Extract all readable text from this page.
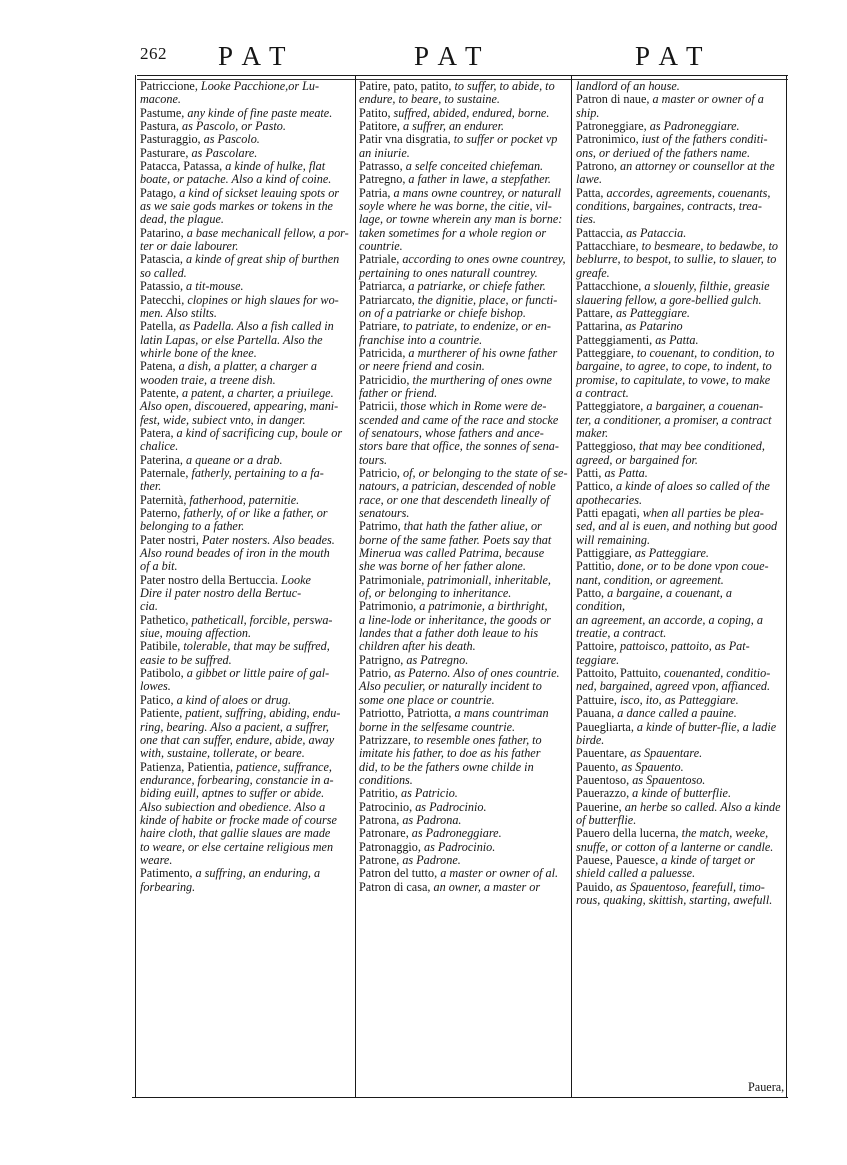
262 PAT	PAT	PAT

Patriccione, Looke Pacchione,or Lu-

macone.

Pastume, any kinde of fine paste meate.

Pastura, as Pascolo, or Pasto.

Pasturaggio, as Pascolo.

Pasturare, as Pascolare.

Patacca, Patassa, a kinde of hulke, flat

boate, or patache. Also a kind of coine.

Patago, a kind of sickset leauing spots or

as we saie gods markes or tokens in the

dead, the plague.

Patarino, a base mechanicall fellow, a por-

ter or daie labourer.

Patascia, a kinde of great ship of burthen

so called.

Patassio, a tit-mouse.

Patecchi, clopines or high slaues for wo-

men. Also stilts.

Patella, as Padella. Also a fish called in

latin Lapas, or else Partella. Also the

whirle bone of the knee.

Patena, a dish, a platter, a charger a

wooden traie, a treene dish.

Patente, a patent, a charter, a priuilege.

Also open, discouered, appearing, mani-

fest, wide, subiect vnto, in danger.

Patera, a kind of sacrificing cup, boule or

chalice.

Paterina, a queane or a drab.

Paternale, fatherly, pertaining to a fa-

ther.

Paternità, fatherhood, paternitie.

Paterno, fatherly, of or like a father, or

belonging to a father.

Pater nostri, Pater nosters. Also beades.

Also round beades of iron in the mouth

of a bit.

Pater nostro della Bertuccia. Looke

Dire il pater nostro della Bertuc-

cia.

Pathetico, patheticall, forcible, perswa-

siue, mouing affection.

Patibile, tolerable, that may be suffred,

easie to be suffred.

Patibolo, a gibbet or little paire of gal-

lowes.

Patico, a kind of aloes or drug.

Patiente, patient, suffring, abiding, endu-

ring, bearing. Also a pacient, a suffrer,

one that can suffer, endure, abide, away

with, sustaine, tollerate, or beare.

Patienza, Patientia, patience, suffrance,

endurance, forbearing, constancie in a-

biding euill, aptnes to suffer or abide.

Also subiection and obedience. Also a

kinde of habite or frocke made of course

haire cloth, that gallie slaues are made

to weare, or else certaine religious men

weare.

Patimento, a suffring, an enduring, a

forbearing.

Patire, pato, patito, to suffer, to abide, to

endure, to beare, to sustaine.

Patito, suffred, abided, endured, borne.

Patitore, a suffrer, an endurer.

Patir vna disgratia, to suffer or pocket vp

an iniurie.

Patrasso, a selfe conceited chiefeman.

Patregno, a father in lawe, a stepfather.

Patria, a mans owne countrey, or naturall

soyle where he was borne, the citie, vil-

lage, or towne wherein any man is borne:

taken sometimes for a whole region or

countrie.

Patriale, according to ones owne countrey,

pertaining to ones naturall countrey.

Patriarca, a patriarke, or chiefe father.

Patriarcato, the dignitie, place, or functi-

on of a patriarke or chiefe bishop.

Patriare, to patriate, to endenize, or en-

franchise into a countrie.

Patricida, a murtherer of his owne father

or neere friend and cosin.

Patricidio, the murthering of ones owne

father or friend.

Patricii, those which in Rome were de-

scended and came of the race and stocke

of senatours, whose fathers and ance-

stors bare that office, the sonnes of sena-

tours.

Patricio, of, or belonging to the state of se-

natours, a patrician, descended of noble

race, or one that descendeth lineally of

senatours.

Patrimo, that hath the father aliue, or

borne of the same father. Poets say that

Minerua was called Patrima, because

she was borne of her father alone.

Patrimoniale, patrimoniall, inheritable,

of, or belonging to inheritance.

Patrimonio, a patrimonie, a birthright,

a line-lode or inheritance, the goods or

landes that a father doth leaue to his

children after his death.

Patrigno, as Patregno.

Patrio, as Paterno. Also of ones countrie.

Also peculier, or naturally incident to

some one place or countrie.

Patriotto, Patriotta, a mans countriman

borne in the selfesame countrie.

Patrizzare, to resemble ones father, to

imitate his father, to doe as his father

did, to be the fathers owne childe in

conditions.

Patritio, as Patricio.

Patrocinio, as Padrocinio.

Patrona, as Padrona.

Patronare, as Padroneggiare.

Patronaggio, as Padrocinio.

Patrone, as Padrone.

Patron del tutto, a master or owner of al.

Patron di casa, an owner, a master or

landlord of an house.

Patron di naue, a master or owner of a

ship.

Patroneggiare, as Padroneggiare.

Patronimico, iust of the fathers conditi-

ons, or deriued of the fathers name.

Patrono, an attorney or counsellor at the

lawe.

Patta, accordes, agreements, couenants,

conditions, bargaines, contracts, trea-

ties.

Pattaccia, as Pataccia.

Pattacchiare, to besmeare, to bedawbe, to

beblurre, to bespot, to sullie, to slauer, to

greafe.

Pattacchione, a slouenly, filthie, greasie

slauering fellow, a gore-bellied gulch.

Pattare, as Patteggiare.

Pattarina, as Patarino

Patteggiamenti, as Patta.

Patteggiare, to couenant, to condition, to

bargaine, to agree, to cope, to indent, to

promise, to capitulate, to vowe, to make

a contract.

Patteggiatore, a bargainer, a couenan-

ter, a conditioner, a promiser, a contract

maker.

Patteggioso, that may bee conditioned,

agreed, or bargained for.

Patti, as Patta.

Pattico, a kinde of aloes so called of the

apothecaries.

Patti epagati, when all parties be plea-

sed, and al is euen, and nothing but good

will remaining.

Pattiggiare, as Patteggiare.

Pattitio, done, or to be done vpon coue-

nant, condition, or agreement.

Patto, a bargaine, a couenant, a condition,

an agreement, an accorde, a coping, a

treatie, a contract.

Pattoire, pattoisco, pattoito, as Pat-

teggiare.

Pattoito, Pattuito, couenanted, conditio-

ned, bargained, agreed vpon, affianced.

Pattuire, isco, ito, as Patteggiare.

Pauana, a dance called a pauine.

Pauegliarta, a kinde of butter-flie, a ladie

birde.

Pauentare, as Spauentare.

Pauento, as Spauento.

Pauentoso, as Spauentoso.

Pauerazzo, a kinde of butterflie.

Pauerine, an herbe so called. Also a kinde

of butterflie.

Pauero della lucerna, the match, weeke,

snuffe, or cotton of a lanterne or candle.

Pauese, Pauesce, a kinde of target or

shield called a paluesse.

Pauido, as Spauentoso, fearefull, timo-

rous, quaking, skittish, starting, awefull.

Pauera,
